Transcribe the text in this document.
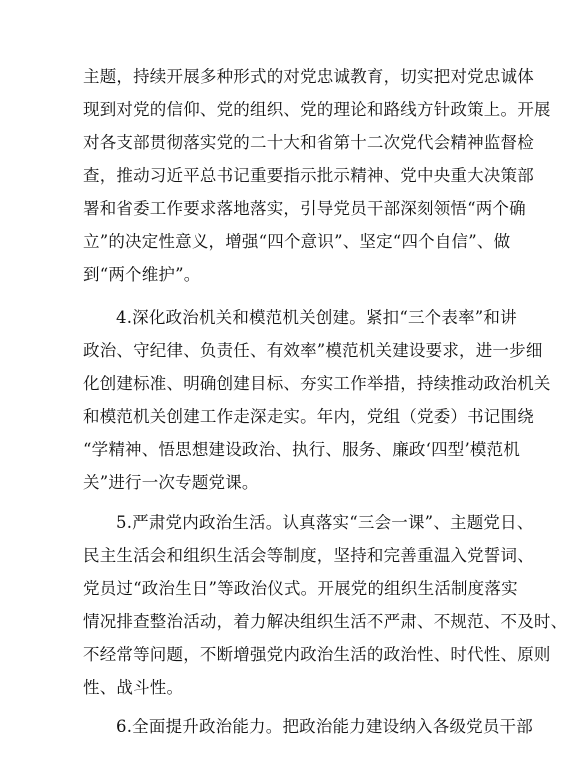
主题，持续开展多种形式的对党忠诚教育，切实把对党忠诚体
现到对党的信仰、党的组织、党的理论和路线方针政策上。开展
对各支部贯彻落实党的二十大和省第十二次党代会精神监督检
查，推动习近平总书记重要指示批示精神、党中央重大决策部
署和省委工作要求落地落实，引导党员干部深刻领悟“两个确
立”的决定性意义，增强“四个意识”、坚定“四个自信”、做
到“两个维护”。
4.深化政治机关和模范机关创建。紧扣“三个表率”和讲
政治、守纪律、负责任、有效率”模范机关建设要求，进一步细
化创建标准、明确创建目标、夯实工作举措，持续推动政治机关
和模范机关创建工作走深走实。年内，党组（党委）书记围绕
“学精神、悟思想建设政治、执行、服务、廉政‘四型’模范机
关”进行一次专题党课。
5.严肃党内政治生活。认真落实“三会一课”、主题党日、
民主生活会和组织生活会等制度，坚持和完善重温入党誓词、
党员过“政治生日”等政治仪式。开展党的组织生活制度落实
情况排查整治活动，着力解决组织生活不严肃、不规范、不及时、
不经常等问题，不断增强党内政治生活的政治性、时代性、原则
性、战斗性。
6.全面提升政治能力。把政治能力建设纳入各级党员干部
